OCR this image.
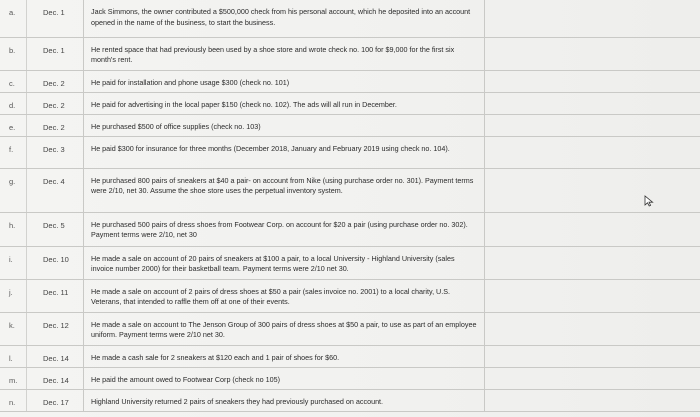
a.	Dec. 1	Jack Simmons, the owner contributed a $500,000 check from his personal account, which he deposited into an account opened in the name of the business, to start the business.	

b.	Dec. 1	He rented space that had previously been used by a shoe store and wrote check no. 100 for $9,000 for the first six month's rent.	

c.	Dec. 2	He paid for installation and phone usage $300 (check no. 101)	

d.	Dec. 2	He paid for advertising in the local paper $150 (check no. 102). The ads will all run in December.	

e.	Dec. 2	He purchased $500 of office supplies (check no. 103)	

f.	Dec. 3	He paid $300 for insurance for three months (December 2018, January and February 2019 using check no. 104).	

g.	Dec. 4	He purchased 800 pairs of sneakers at $40 a pair- on account from Nike (using purchase order no. 301). Payment terms were 2/10, net 30. Assume the shoe store uses the perpetual inventory system.	

h.	Dec. 5	He purchased 500 pairs of dress shoes from Footwear Corp. on account for $20 a pair (using purchase order no. 302). Payment terms were 2/10, net 30	

i.	Dec. 10	He made a sale on account of 20 pairs of sneakers at $100 a pair, to a local University - Highland University (sales invoice number 2000) for their basketball team. Payment terms were 2/10 net 30.	

j.	Dec. 11	He made a sale on account of 2 pairs of dress shoes at $50 a pair (sales invoice no. 2001) to a local charity, U.S. Veterans, that intended to raffle them off at one of their events.	

k.	Dec. 12	He made a sale on account to The Jenson Group of 300 pairs of dress shoes at $50 a pair, to use as part of an employee uniform. Payment terms were 2/10 net 30.	

l.	Dec. 14	He made a cash sale for 2 sneakers at $120 each and 1 pair of shoes for $60.	

m.	Dec. 14	He paid the amount owed to Footwear Corp (check no 105)	

n.	Dec. 17	Highland University returned 2 pairs of sneakers they had previously purchased on account.	
